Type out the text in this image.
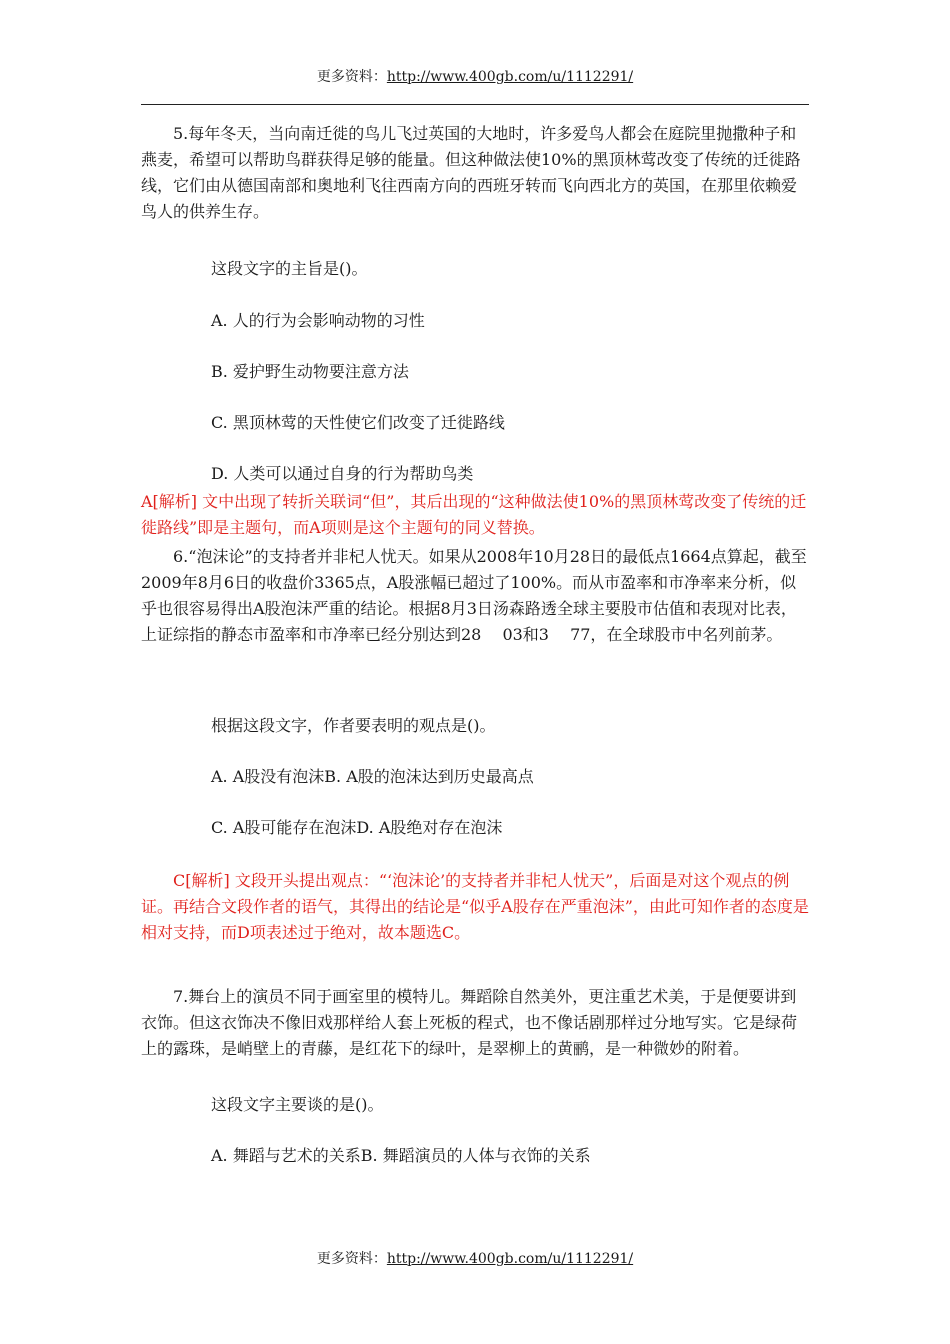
更多资料：http://www.400gb.com/u/1112291/

5.每年冬天，当向南迁徙的鸟儿飞过英国的大地时，许多爱鸟人都会在庭院里抛撒种子和燕麦，希望可以帮助鸟群获得足够的能量。但这种做法使10%的黑顶林莺改变了传统的迁徙路线，它们由从德国南部和奥地利飞往西南方向的西班牙转而飞向西北方的英国，在那里依赖爱鸟人的供养生存。

这段文字的主旨是()。

A. 人的行为会影响动物的习性

B. 爱护野生动物要注意方法

C. 黑顶林莺的天性使它们改变了迁徙路线

D. 人类可以通过自身的行为帮助鸟类

A[解析] 文中出现了转折关联词“但”，其后出现的“这种做法使10%的黑顶林莺改变了传统的迁徙路线”即是主题句，而A项则是这个主题句的同义替换。

6.“泡沫论”的支持者并非杞人忧天。如果从2008年10月28日的最低点1664点算起，截至2009年8月6日的收盘价3365点，A股涨幅已超过了100%。而从市盈率和市净率来分析，似乎也很容易得出A股泡沫严重的结论。根据8月3日汤森路透全球主要股市估值和表现对比表，上证综指的静态市盈率和市净率已经分别达到28　 03和3　 77，在全球股市中名列前茅。

根据这段文字，作者要表明的观点是()。

A. A股没有泡沫B. A股的泡沫达到历史最高点

C. A股可能存在泡沫D. A股绝对存在泡沫

C[解析] 文段开头提出观点：“‘泡沫论’的支持者并非杞人忧天”，后面是对这个观点的例证。再结合文段作者的语气，其得出的结论是“似乎A股存在严重泡沫”，由此可知作者的态度是相对支持，而D项表述过于绝对，故本题选C。

7.舞台上的演员不同于画室里的模特儿。舞蹈除自然美外，更注重艺术美，于是便要讲到衣饰。但这衣饰决不像旧戏那样给人套上死板的程式，也不像话剧那样过分地写实。它是绿荷上的露珠，是峭壁上的青藤，是红花下的绿叶，是翠柳上的黄鹂，是一种微妙的附着。

这段文字主要谈的是()。

A. 舞蹈与艺术的关系B. 舞蹈演员的人体与衣饰的关系

更多资料：http://www.400gb.com/u/1112291/
